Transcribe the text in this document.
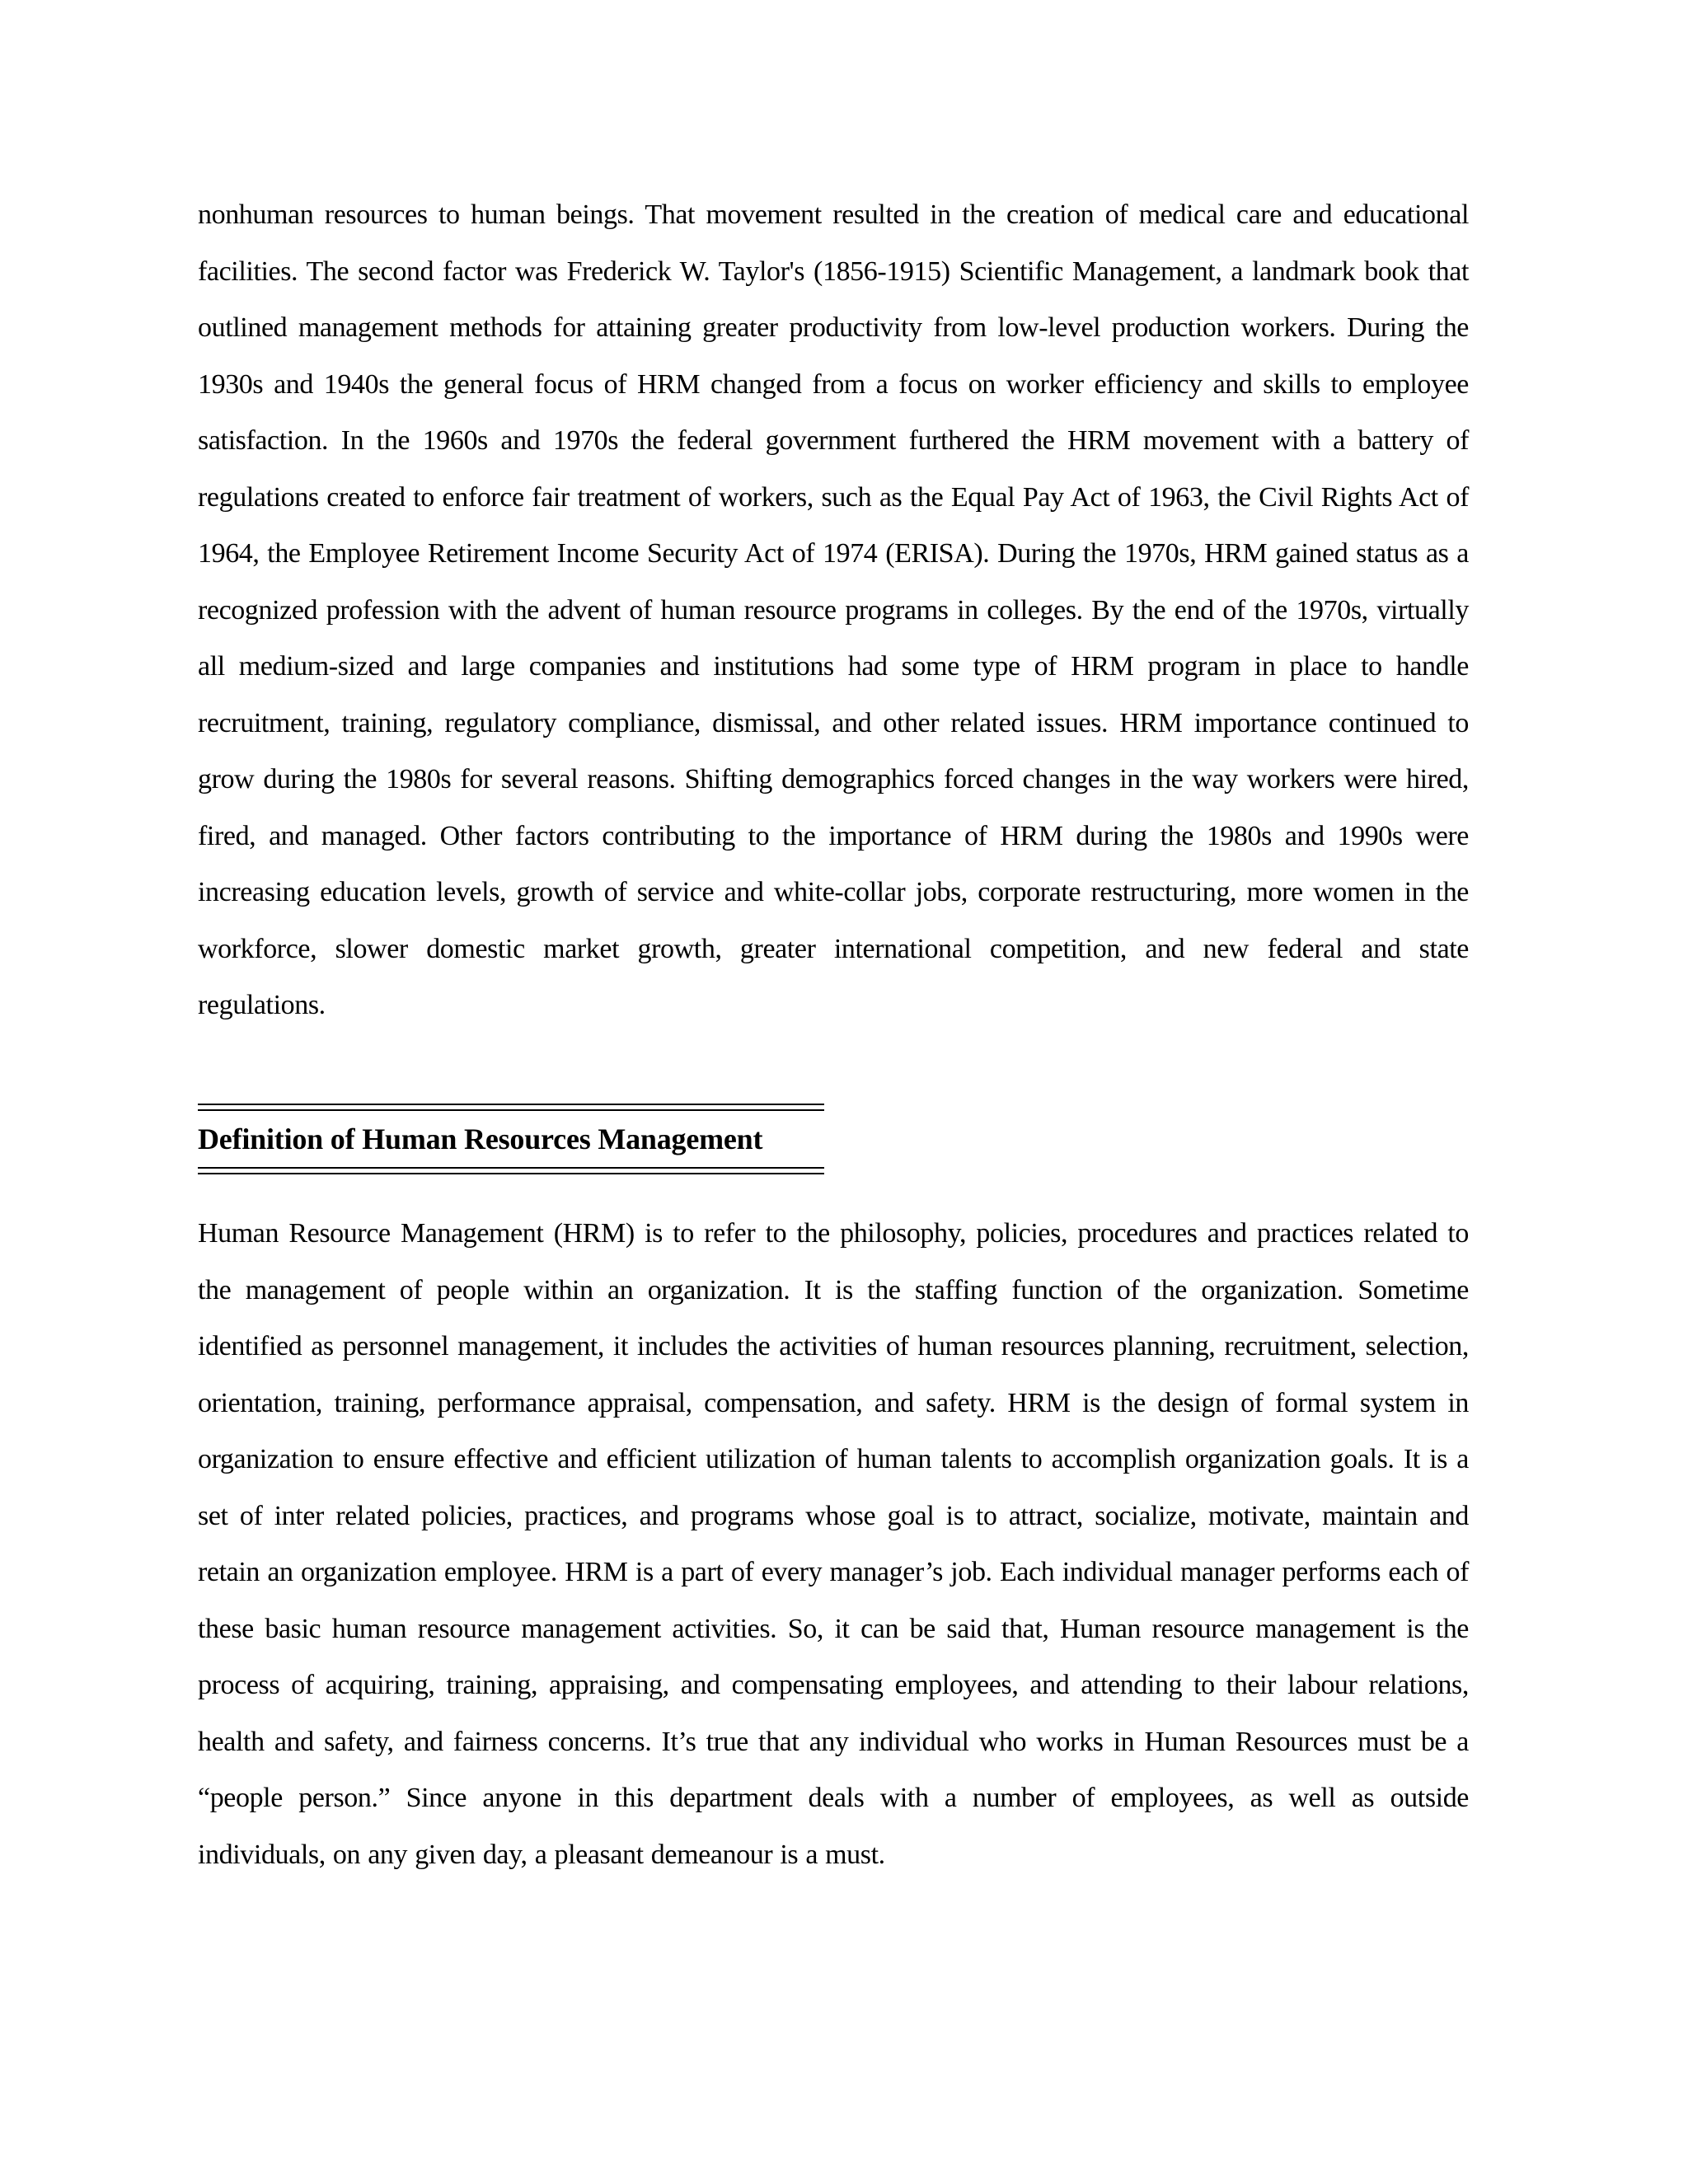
nonhuman resources to human beings. That movement resulted in the creation of medical care and educational facilities. The second factor was Frederick W. Taylor's (1856-1915) Scientific Management, a landmark book that outlined management methods for attaining greater productivity from low-level production workers. During the 1930s and 1940s the general focus of HRM changed from a focus on worker efficiency and skills to employee satisfaction. In the 1960s and 1970s the federal government furthered the HRM movement with a battery of regulations created to enforce fair treatment of workers, such as the Equal Pay Act of 1963, the Civil Rights Act of 1964, the Employee Retirement Income Security Act of 1974 (ERISA). During the 1970s, HRM gained status as a recognized profession with the advent of human resource programs in colleges. By the end of the 1970s, virtually all medium-sized and large companies and institutions had some type of HRM program in place to handle recruitment, training, regulatory compliance, dismissal, and other related issues. HRM importance continued to grow during the 1980s for several reasons. Shifting demographics forced changes in the way workers were hired, fired, and managed. Other factors contributing to the importance of HRM during the 1980s and 1990s were increasing education levels, growth of service and white-collar jobs, corporate restructuring, more women in the workforce, slower domestic market growth, greater international competition, and new federal and state regulations.

Definition of Human Resources Management

Human Resource Management (HRM) is to refer to the philosophy, policies, procedures and practices related to the management of people within an organization. It is the staffing function of the organization. Sometime identified as personnel management, it includes the activities of human resources planning, recruitment, selection, orientation, training, performance appraisal, compensation, and safety. HRM is the design of formal system in organization to ensure effective and efficient utilization of human talents to accomplish organization goals. It is a set of inter related policies, practices, and programs whose goal is to attract, socialize, motivate, maintain and retain an organization employee. HRM is a part of every manager’s job. Each individual manager performs each of these basic human resource management activities. So, it can be said that, Human resource management is the process of acquiring, training, appraising, and compensating employees, and attending to their labour relations, health and safety, and fairness concerns. It’s true that any individual who works in Human Resources must be a “people person.” Since anyone in this department deals with a number of employees, as well as outside individuals, on any given day, a pleasant demeanour is a must.
